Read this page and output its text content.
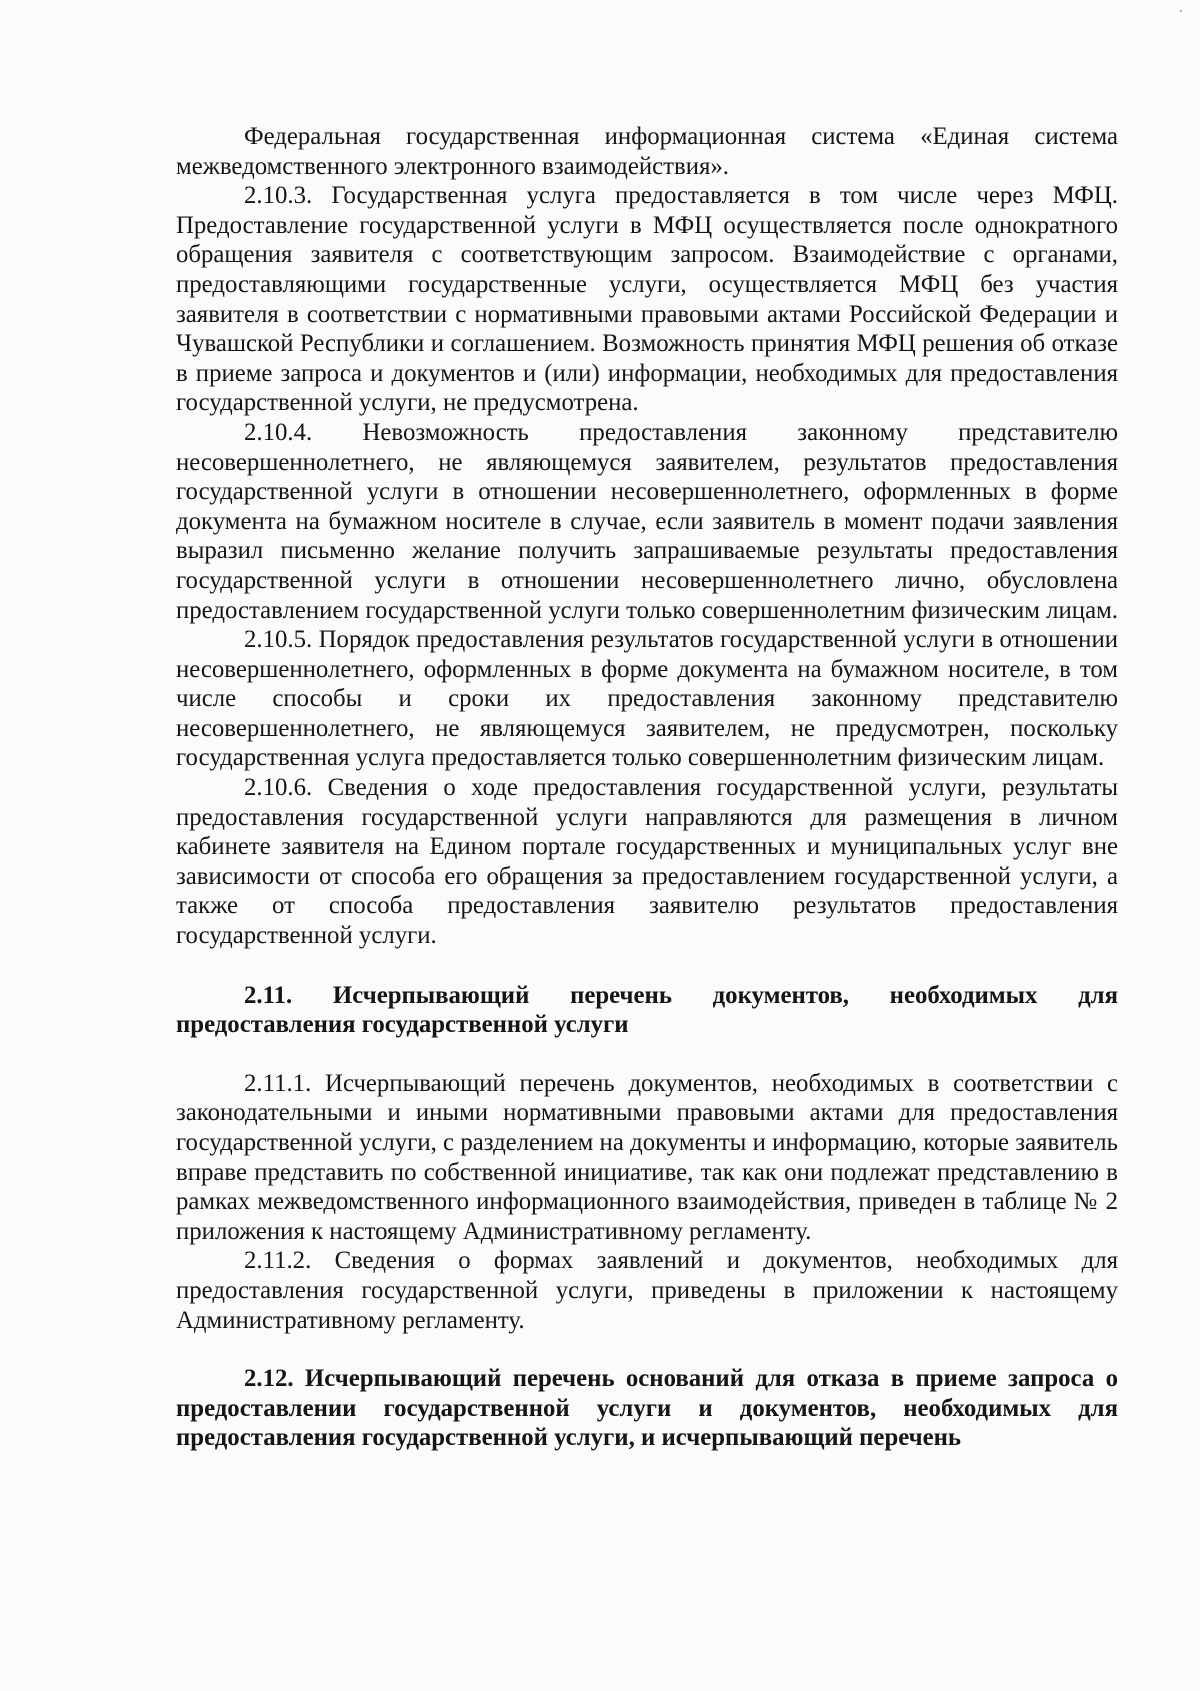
Федеральная государственная информационная система «Единая система межведомственного электронного взаимодействия».

2.10.3. Государственная услуга предоставляется в том числе через МФЦ. Предоставление государственной услуги в МФЦ осуществляется после однократного обращения заявителя с соответствующим запросом. Взаимодействие с органами, предоставляющими государственные услуги, осуществляется МФЦ без участия заявителя в соответствии с нормативными правовыми актами Российской Федерации и Чувашской Республики и соглашением. Возможность принятия МФЦ решения об отказе в приеме запроса и документов и (или) информации, необходимых для предоставления государственной услуги, не предусмотрена.

2.10.4. Невозможность предоставления законному представителю несовершеннолетнего, не являющемуся заявителем, результатов предоставления государственной услуги в отношении несовершеннолетнего, оформленных в форме документа на бумажном носителе в случае, если заявитель в момент подачи заявления выразил письменно желание получить запрашиваемые результаты предоставления государственной услуги в отношении несовершеннолетнего лично, обусловлена предоставлением государственной услуги только совершеннолетним физическим лицам.

2.10.5. Порядок предоставления результатов государственной услуги в отношении несовершеннолетнего, оформленных в форме документа на бумажном носителе, в том числе способы и сроки их предоставления законному представителю несовершеннолетнего, не являющемуся заявителем, не предусмотрен, поскольку государственная услуга предоставляется только совершеннолетним физическим лицам.

2.10.6. Сведения о ходе предоставления государственной услуги, результаты предоставления государственной услуги направляются для размещения в личном кабинете заявителя на Едином портале государственных и муниципальных услуг вне зависимости от способа его обращения за предоставлением государственной услуги, а также от способа предоставления заявителю результатов предоставления государственной услуги.

2.11. Исчерпывающий перечень документов, необходимых для предоставления государственной услуги

2.11.1. Исчерпывающий перечень документов, необходимых в соответствии с законодательными и иными нормативными правовыми актами для предоставления государственной услуги, с разделением на документы и информацию, которые заявитель вправе представить по собственной инициативе, так как они подлежат представлению в рамках межведомственного информационного взаимодействия, приведен в таблице № 2 приложения к настоящему Административному регламенту.

2.11.2. Сведения о формах заявлений и документов, необходимых для предоставления государственной услуги, приведены в приложении к настоящему Административному регламенту.

2.12. Исчерпывающий перечень оснований для отказа в приеме запроса о предоставлении государственной услуги и документов, необходимых для предоставления государственной услуги, и исчерпывающий перечень
